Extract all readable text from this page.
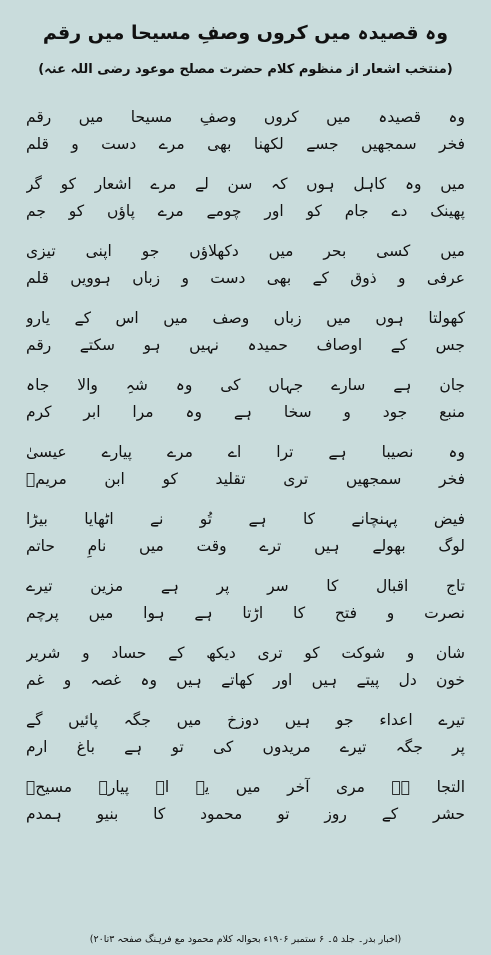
وہ قصیدہ میں کروں وصفِ مسیحا میں رقم
(منتخب اشعار از منظوم کلام حضرت مصلح موعود رضی اللہ عنہ)
وہ قصیدہ میں کروں وصفِ مسیحا میں رقم
فخر سمجھیں جسے لکھنا بھی مرے دست و قلم
میں وہ کاہل ہوں کہ سن لے مرے اشعار کو گر
پھینک دے جام کو اور چومے مرے پاؤں کو جم
میں کسی بحر میں دکھلاؤں جو اپنی تیزی
عرفی و ذوق کے بھی دست و زباں ہوویں قلم
کھولتا ہوں میں زباں وصف میں اس کے یارو
جس کے اوصاف حمیدہ نہیں ہو سکتے رقم
جان ہے سارے جہاں کی وہ شہِ والا جاہ
منبع جود و سخا ہے وہ مرا ابر کرم
وہ نصیبا ہے ترا اے مرے پیارے عیسیٰ
فخر سمجھیں تری تقلید کو ابن مریمؑ
فیض پہنچانے کا ہے تُو نے اٹھایا بیڑا
لوگ بھولے ہیں ترے وقت میں نامِ حاتم
تاج اقبال کا سر پر ہے مزین تیرے
نصرت و فتح کا اڑتا ہے ہوا میں پرچم
شان و شوکت کو تری دیکھ کے حساد و شریر
خون دل پیتے ہیں اور کھاتے ہیں وہ غصہ و غم
تیرے اعداء جو ہیں دوزخ میں جگہ پائیں گے
پر جگہ تیرے مریدوں کی تو ہے باغ ارم
التجا ہے مری آخر میں یہ اے پیارے مسیحؑ
حشر کے روز تو محمود کا بنیو ہمدم
(اخبار بدر۔ جلد ۵۔ ۶ ستمبر ۱۹۰۶ء بحوالہ کلام محمود مع فرہنگ صفحہ ۳تا۲۰)
